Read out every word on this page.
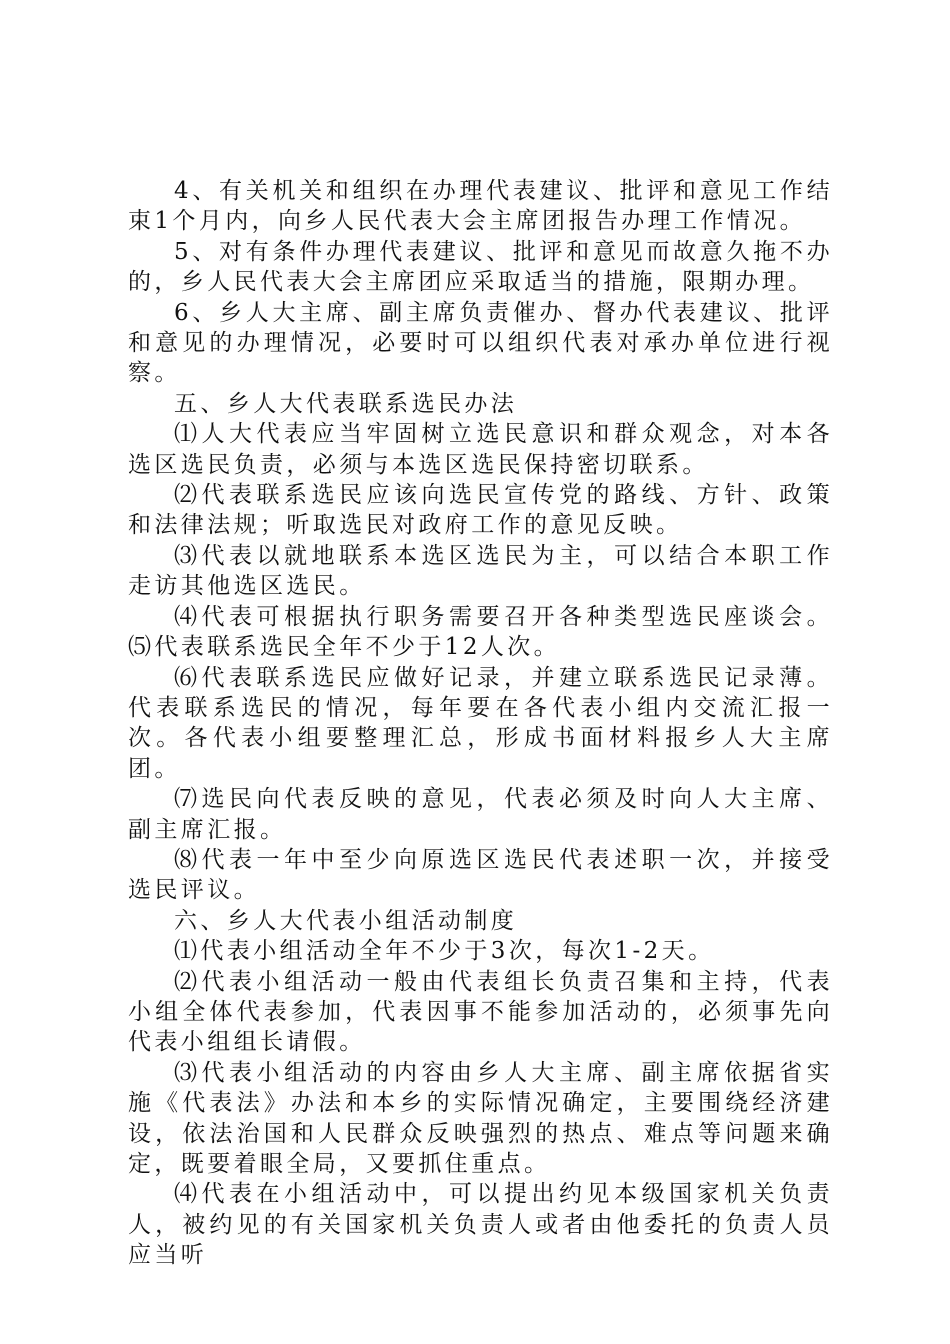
4、有关机关和组织在办理代表建议、批评和意见工作结束1个月内，向乡人民代表大会主席团报告办理工作情况。

5、对有条件办理代表建议、批评和意见而故意久拖不办的，乡人民代表大会主席团应采取适当的措施，限期办理。

6、乡人大主席、副主席负责催办、督办代表建议、批评和意见的办理情况，必要时可以组织代表对承办单位进行视察。

五、乡人大代表联系选民办法

⑴人大代表应当牢固树立选民意识和群众观念，对本各选区选民负责，必须与本选区选民保持密切联系。

⑵代表联系选民应该向选民宣传党的路线、方针、政策和法律法规；听取选民对政府工作的意见反映。

⑶代表以就地联系本选区选民为主，可以结合本职工作走访其他选区选民。

⑷代表可根据执行职务需要召开各种类型选民座谈会。⑸代表联系选民全年不少于12人次。

⑹代表联系选民应做好记录，并建立联系选民记录薄。代表联系选民的情况，每年要在各代表小组内交流汇报一次。各代表小组要整理汇总，形成书面材料报乡人大主席团。

⑺选民向代表反映的意见，代表必须及时向人大主席、副主席汇报。

⑻代表一年中至少向原选区选民代表述职一次，并接受选民评议。

六、乡人大代表小组活动制度

⑴代表小组活动全年不少于3次，每次1-2天。

⑵代表小组活动一般由代表组长负责召集和主持，代表小组全体代表参加，代表因事不能参加活动的，必须事先向代表小组组长请假。

⑶代表小组活动的内容由乡人大主席、副主席依据省实施《代表法》办法和本乡的实际情况确定，主要围绕经济建设，依法治国和人民群众反映强烈的热点、难点等问题来确定，既要着眼全局，又要抓住重点。

⑷代表在小组活动中，可以提出约见本级国家机关负责人，被约见的有关国家机关负责人或者由他委托的负责人员应当听
